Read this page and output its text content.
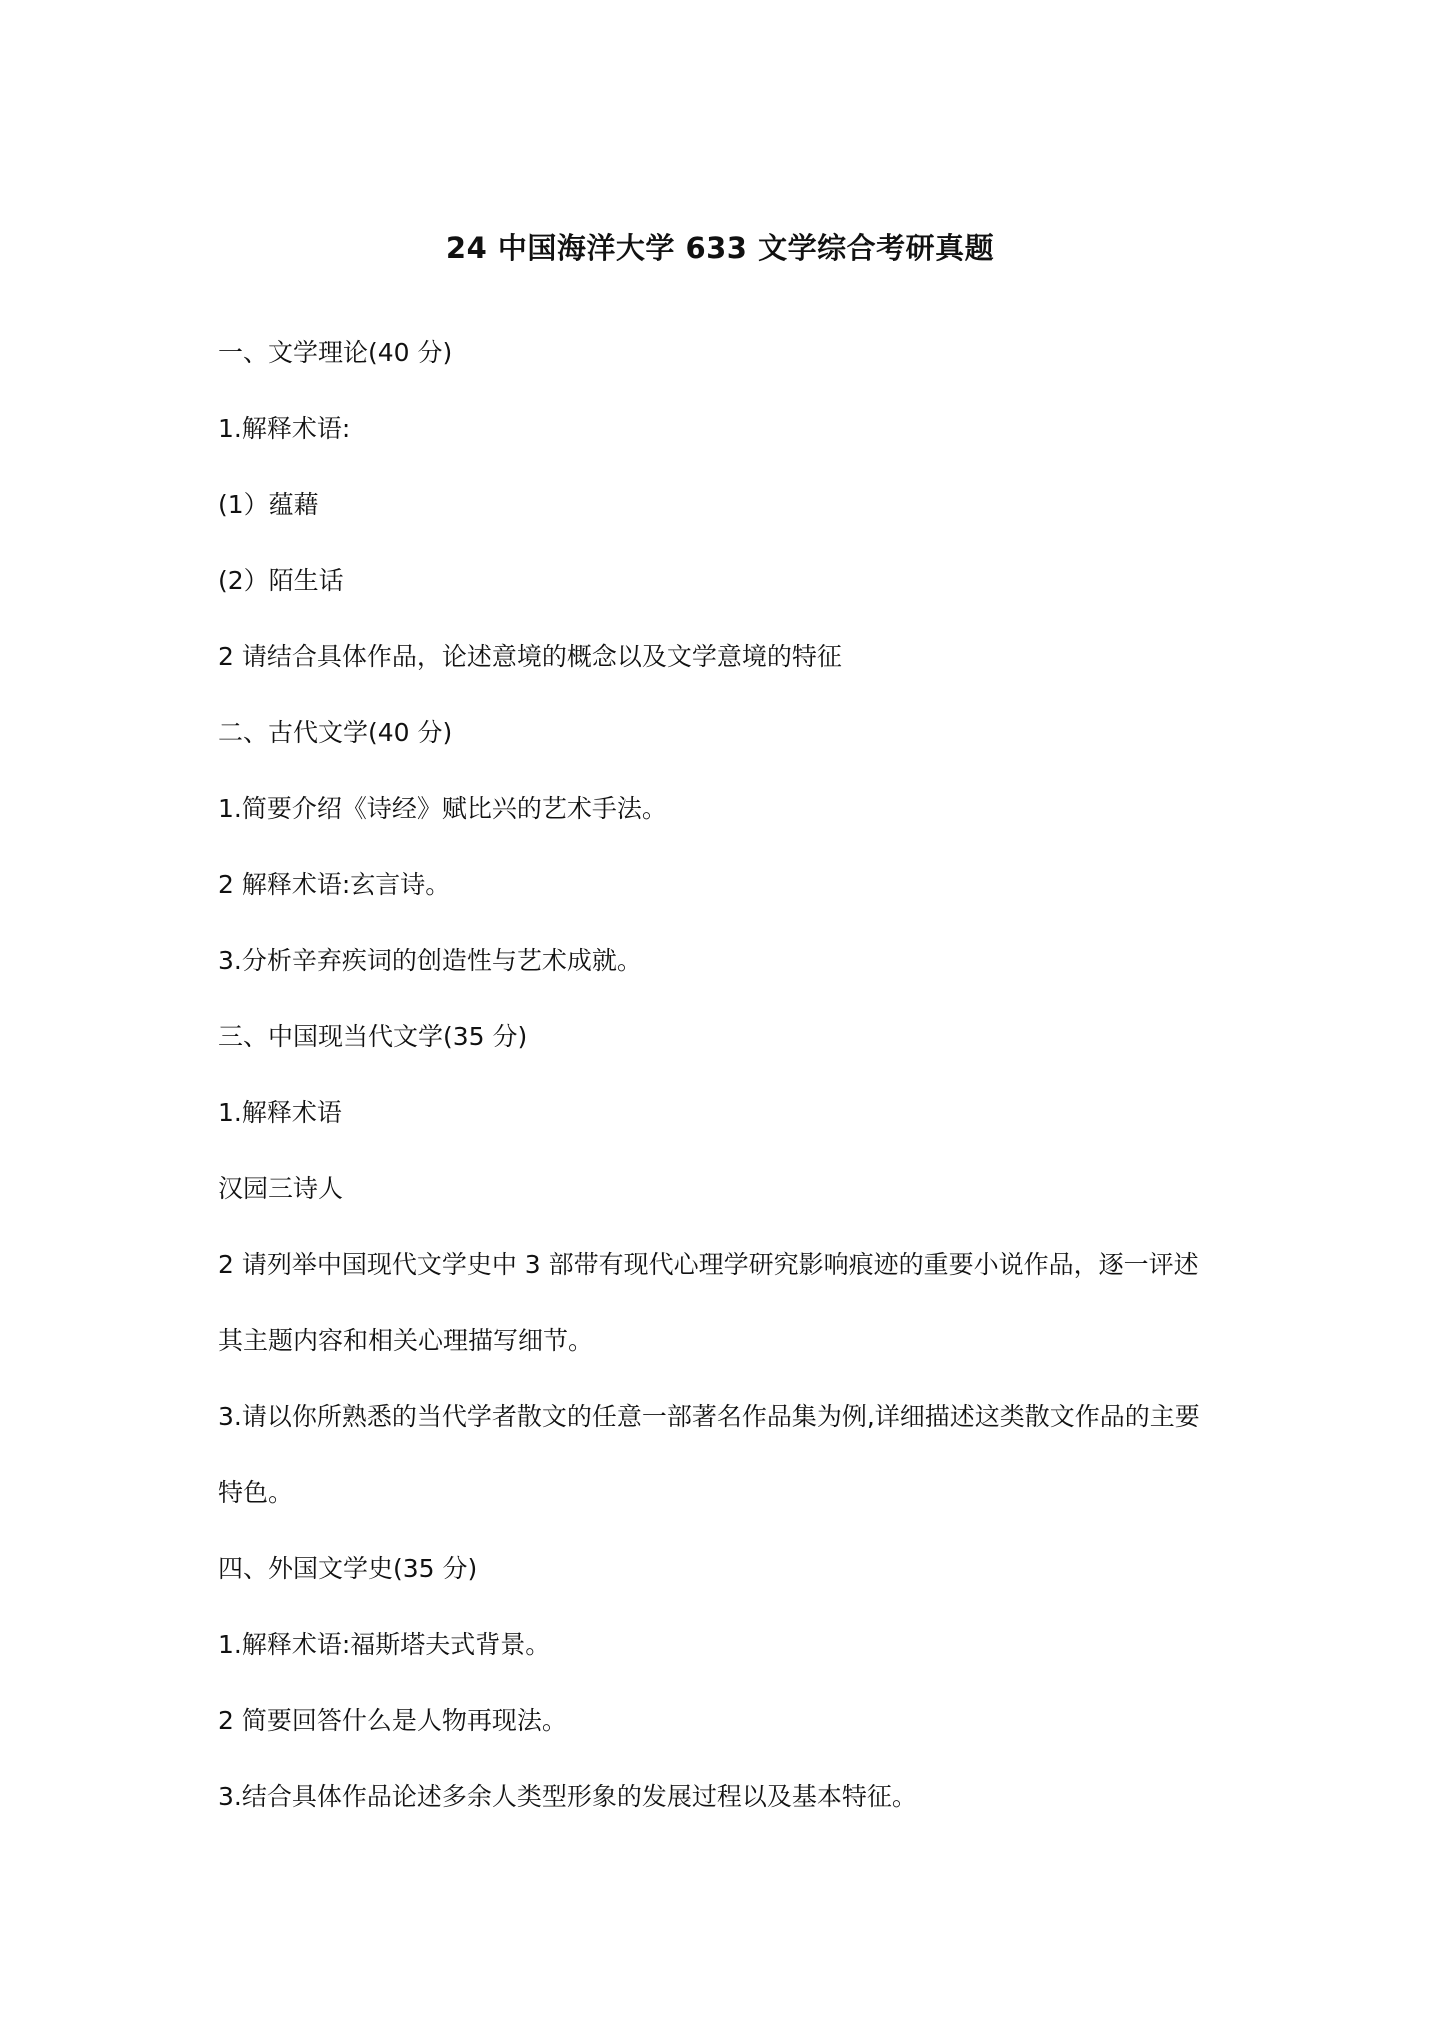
24 中国海洋大学 633 文学综合考研真题
一、文学理论(40 分)
1.解释术语:
(1）蕴藉
(2）陌生话
2 请结合具体作品，论述意境的概念以及文学意境的特征
二、古代文学(40 分)
1.简要介绍《诗经》赋比兴的艺术手法。
2 解释术语:玄言诗。
3.分析辛弃疾词的创造性与艺术成就。
三、中国现当代文学(35 分)
1.解释术语
汉园三诗人
2 请列举中国现代文学史中 3 部带有现代心理学研究影响痕迹的重要小说作品，逐一评述
其主题内容和相关心理描写细节。
3.请以你所熟悉的当代学者散文的任意一部著名作品集为例,详细描述这类散文作品的主要
特色。
四、外国文学史(35 分)
1.解释术语:福斯塔夫式背景。
2 简要回答什么是人物再现法。
3.结合具体作品论述多余人类型形象的发展过程以及基本特征。
